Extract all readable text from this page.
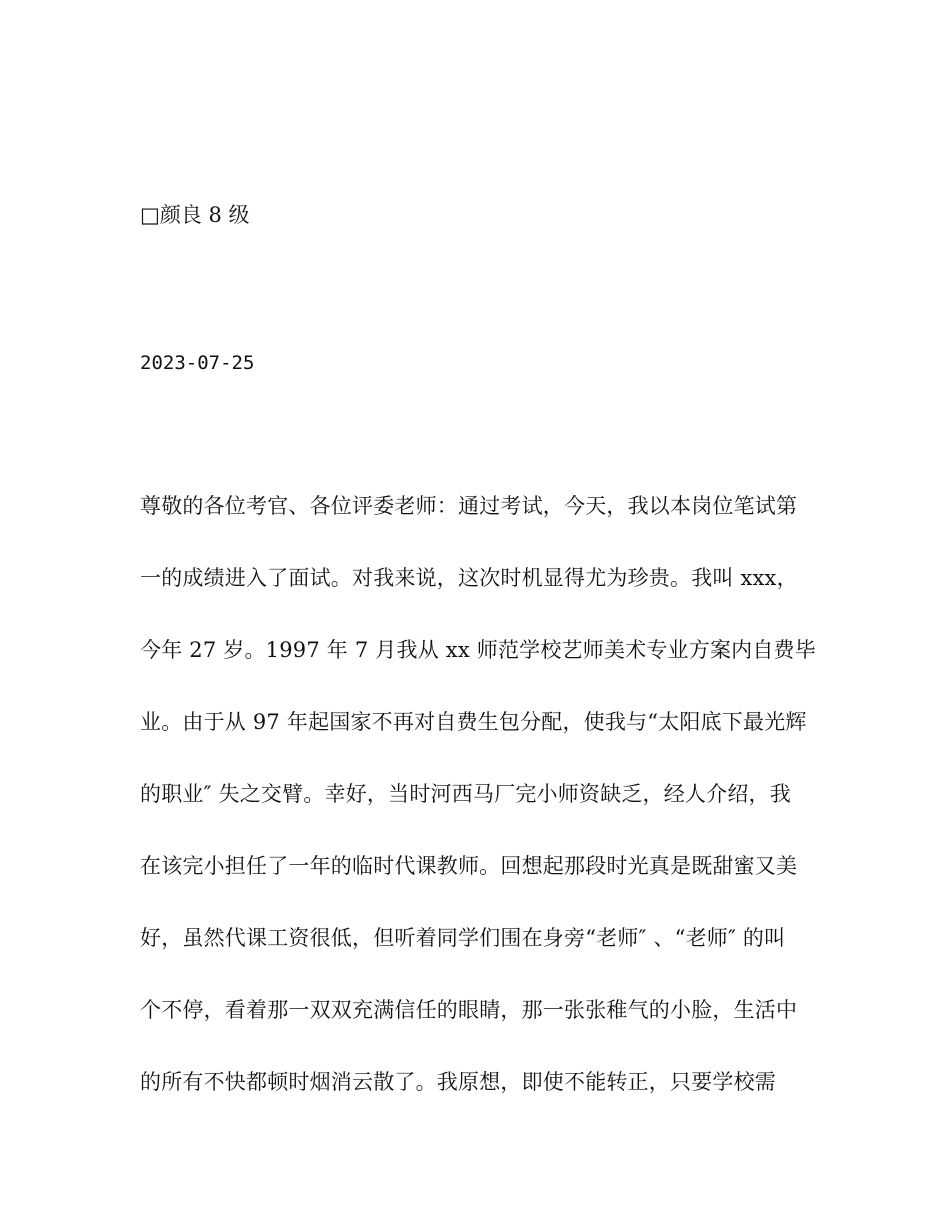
□颜良 8 级
2023-07-25
尊敬的各位考官、各位评委老师：通过考试，今天，我以本岗位笔试第
一的成绩进入了面试。对我来说，这次时机显得尤为珍贵。我叫 xxx，
今年 27 岁。1997 年 7 月我从 xx 师范学校艺师美术专业方案内自费毕
业。由于从 97 年起国家不再对自费生包分配，使我与“太阳底下最光辉
的职业″ 失之交臂。幸好，当时河西马厂完小师资缺乏，经人介绍，我
在该完小担任了一年的临时代课教师。回想起那段时光真是既甜蜜又美
好，虽然代课工资很低，但听着同学们围在身旁“老师″ 、“老师″ 的叫
个不停，看着那一双双充满信任的眼睛，那一张张稚气的小脸，生活中
的所有不快都顿时烟消云散了。我原想，即使不能转正，只要学校需
